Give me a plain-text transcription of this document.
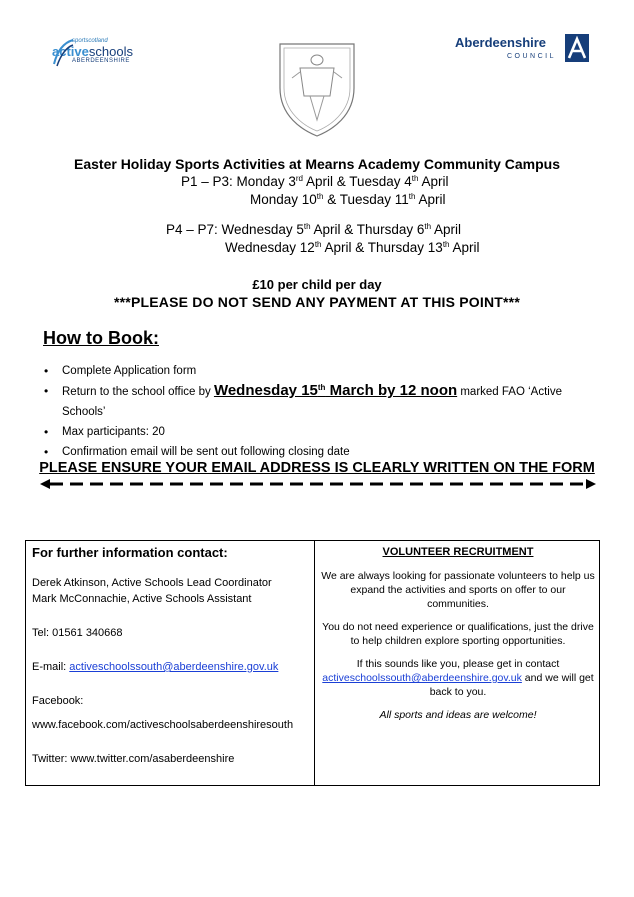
sportscotland
activeschools
ABERDEENSHIRE
Aberdeenshire
COUNCIL
Easter Holiday Sports Activities at Mearns Academy Community Campus
P1 – P3: Monday 3rd April & Tuesday 4th April
Monday 10th & Tuesday 11th April
P4 – P7: Wednesday 5th April & Thursday 6th April
Wednesday 12th April & Thursday 13th April
£10 per child per day
***PLEASE DO NOT SEND ANY PAYMENT AT THIS POINT***
How to Book:
• Complete Application form
• Return to the school office by Wednesday 15th March by 12 noon marked FAO ‘Active Schools’
• Max participants: 20
• Confirmation email will be sent out following closing date
PLEASE ENSURE YOUR EMAIL ADDRESS IS CLEARLY WRITTEN ON THE FORM

For further information contact:

Derek Atkinson, Active Schools Lead Coordinator

Mark McConnachie, Active Schools Assistant

Tel: 01561 340668

E-mail: activeschoolssouth@aberdeenshire.gov.uk

Facebook:

www.facebook.com/activeschoolsaberdeenshiresouth

Twitter: www.twitter.com/asaberdeenshire

VOLUNTEER RECRUITMENT

We are always looking for passionate volunteers to help us expand the activities and sports on offer to our communities.

You do not need experience or qualifications, just the drive to help children explore sporting opportunities.

If this sounds like you, please get in contact activeschoolssouth@aberdeenshire.gov.uk and we will get back to you.

All sports and ideas are welcome!
